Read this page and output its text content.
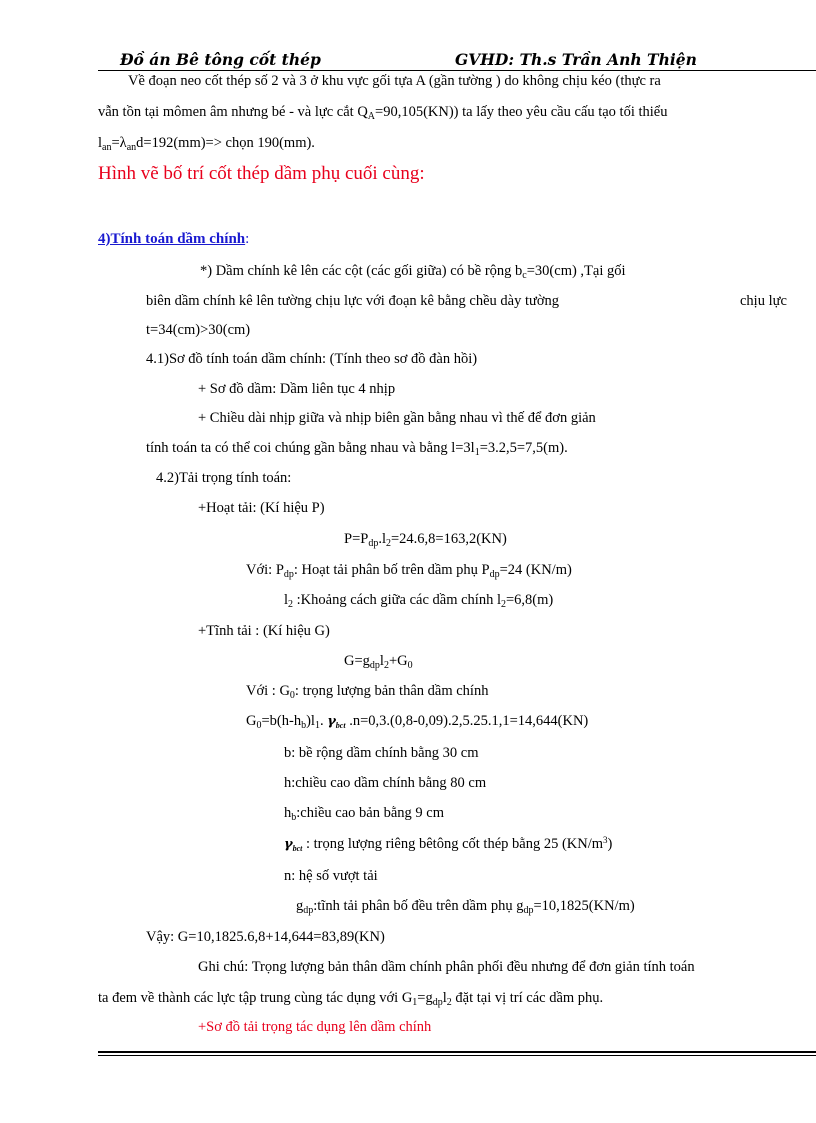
Đồ án Bê tông cốt thép	GVHD: Th.s Trần Anh Thiện
Về đoạn neo cốt thép số 2 và 3 ở khu vực gối tựa A (gần tường ) do không chịu kéo (thực ra
vẫn tồn tại mômen âm nhưng bé - và lực cắt $Q_A=90,105(KN)$) ta lấy theo yêu cầu cấu tạo tối thiểu
$l_{an}=\lambda_{an}d=192(mm)=>$ chọn 190(mm).
Hình vẽ bố trí cốt thép dầm phụ cuối cùng:
4)Tính toán dầm chính:
*) Dầm chính kê lên các cột (các gối giữa) có bề rộng $b_c=30(cm)$ ,Tại gối
biên dầm chính kê lên tường chịu lực với đoạn kê bằng chều dày tường	chịu lực
t=34(cm)>30(cm)
4.1)Sơ đồ tính toán dầm chính: (Tính theo sơ đồ đàn hồi)
+ Sơ đồ dầm: Dầm liên tục 4 nhịp
+ Chiều dài nhịp giữa và nhịp biên gần bằng nhau vì thế để đơn giản
tính toán ta có thể coi chúng gần bằng nhau và bằng $l=3l_1=3.2,5=7,5(m)$.
4.2)Tải trọng tính toán:
+Hoạt tải: (Kí hiệu P)
$P=P_{dp}.l_2=24.6,8=163,2(KN)$
Với: $P_{dp}$: Hoạt tải phân bố trên dầm phụ $P_{dp}=24$ (KN/m)
$l_2$ :Khoảng cách giữa các dầm chính $l_2=6,8(m)$
+Tĩnh tải : (Kí hiệu G)
$G=g_{dp}l_2+G_0$
Với : $G_0$: trọng lượng bản thân dầm chính
$G_0=b(h-h_b)l_1$. $\gamma_{bct}$ .n=0,3.(0,8-0,09).2,5.25.1,1=14,644(KN)
b: bề rộng dầm chính bằng 30 cm
h:chiều cao dầm chính bằng 80 cm
$h_b:chiều$ cao bản bằng 9 cm
$\gamma_{bct}$ : trọng lượng riêng bêtông cốt thép bằng 25 $(KN/m^3)$
n: hệ số vượt tải
$g_{dp}:tĩnh$ tải phân bố đều trên dầm phụ $g_{dp}=10,1825(KN/m)$
Vậy: G=10,1825.6,8+14,644=83,89(KN)
Ghi chú: Trọng lượng bản thân dầm chính phân phối đều nhưng để đơn giản tính toán
ta đem về thành các lực tập trung cùng tác dụng với $G_1=g_{dp}l_2$ đặt tại vị trí các dầm phụ.
+Sơ đồ tải trọng tác dụng lên dầm chính
